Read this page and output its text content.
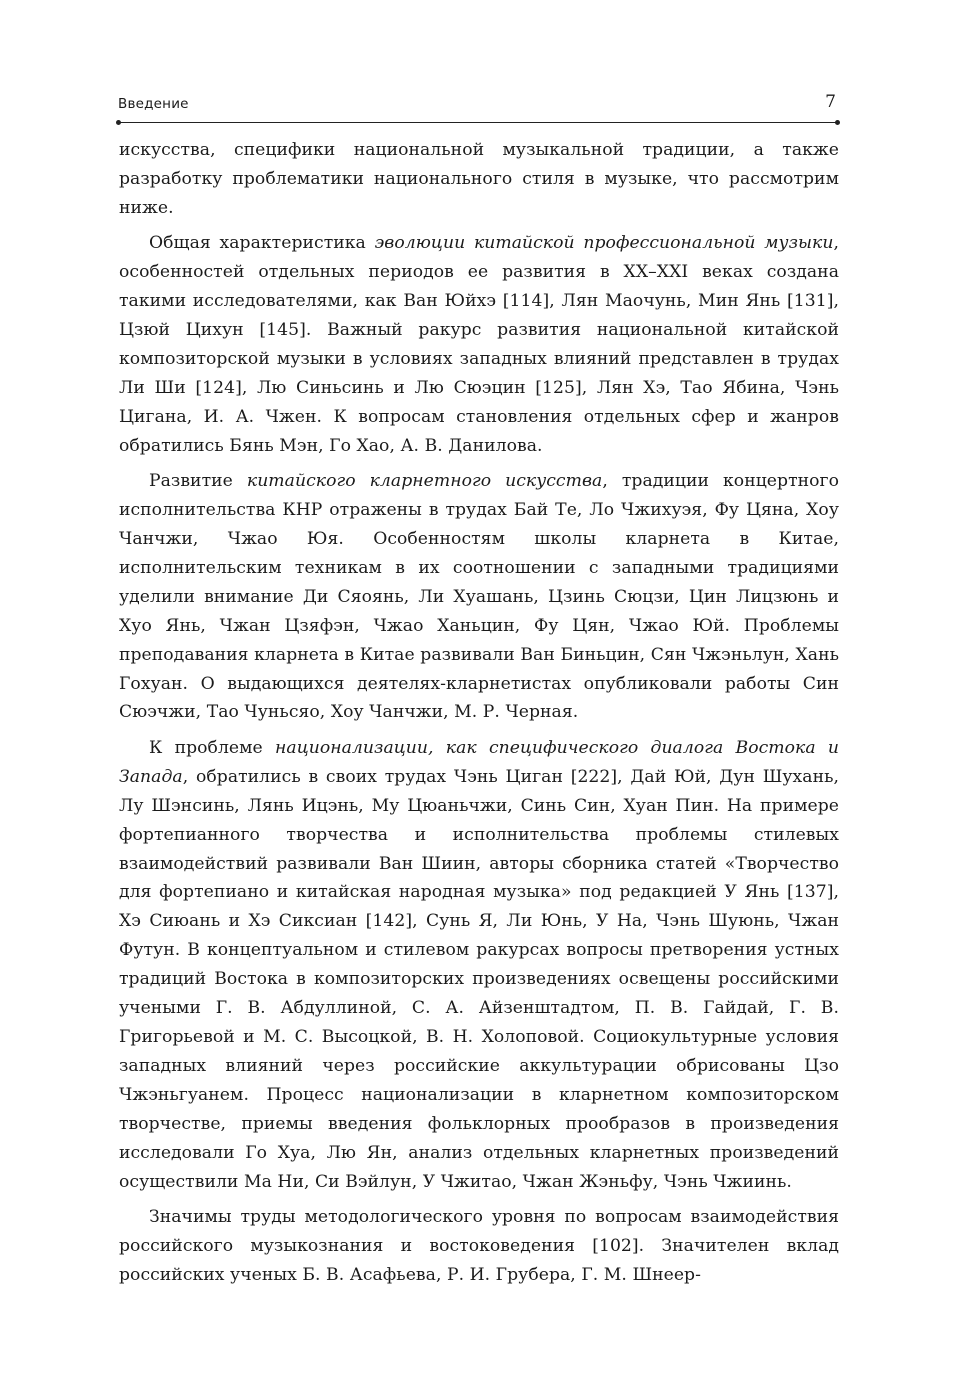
Введение	7

искусства, специфики национальной музыкальной традиции, а также разработку проблематики национального стиля в музыке, что рассмотрим ниже.

Общая характеристика эволюции китайской профессиональной музыки, особенностей отдельных периодов ее развития в XX–XXI веках создана такими исследователями, как Ван Юйхэ [114], Лян Маочунь, Мин Янь [131], Цзюй Цихун [145]. Важный ракурс развития национальной китайской композиторской музыки в условиях западных влияний представлен в трудах Ли Ши [124], Лю Синьсинь и Лю Сюэцин [125], Лян Хэ, Тао Ябина, Чэнь Цигана, И. А. Чжен. К вопросам становления отдельных сфер и жанров обратились Бянь Мэн, Го Хао, А. В. Данилова.

Развитие китайского кларнетного искусства, традиции концертного исполнительства КНР отражены в трудах Бай Те, Ло Чжихуэя, Фу Цяна, Хоу Чанчжи, Чжао Юя. Особенностям школы кларнета в Китае, исполнительским техникам в их соотношении с западными традициями уделили внимание Ди Сяоянь, Ли Хуашань, Цзинь Сюцзи, Цин Лицзюнь и Хуо Янь, Чжан Цзяфэн, Чжао Ханьцин, Фу Цян, Чжао Юй. Проблемы преподавания кларнета в Китае развивали Ван Биньцин, Сян Чжэньлун, Хань Гохуан. О выдающихся деятелях-кларнетистах опубликовали работы Син Сюэчжи, Тао Чуньсяо, Хоу Чанчжи, М. Р. Черная.

К проблеме национализации, как специфического диалога Востока и Запада, обратились в своих трудах Чэнь Циган [222], Дай Юй, Дун Шухань, Лу Шэнсинь, Лянь Ицэнь, Му Цюаньчжи, Синь Син, Хуан Пин. На примере фортепианного творчества и исполнительства проблемы стилевых взаимодействий развивали Ван Шиин, авторы сборника статей «Творчество для фортепиано и китайская народная музыка» под редакцией У Янь [137], Хэ Сиюань и Хэ Сиксиан [142], Сунь Я, Ли Юнь, У На, Чэнь Шуюнь, Чжан Футун. В концептуальном и стилевом ракурсах вопросы претворения устных традиций Востока в композиторских произведениях освещены российскими учеными Г. В. Абдуллиной, С. А. Айзенштадтом, П. В. Гайдай, Г. В. Григорьевой и М. С. Высоцкой, В. Н. Холоповой. Социокультурные условия западных влияний через российские аккультурации обрисованы Цзо Чжэньгуанем. Процесс национализации в кларнетном композиторском творчестве, приемы введения фольклорных прообразов в произведения исследовали Го Хуа, Лю Ян, анализ отдельных кларнетных произведений осуществили Ма Ни, Си Вэйлун, У Чжитао, Чжан Жэньфу, Чэнь Чжиинь.

Значимы труды методологического уровня по вопросам взаимодействия российского музыкознания и востоковедения [102]. Значителен вклад российских ученых Б. В. Асафьева, Р. И. Грубера, Г. М. Шнеер-
